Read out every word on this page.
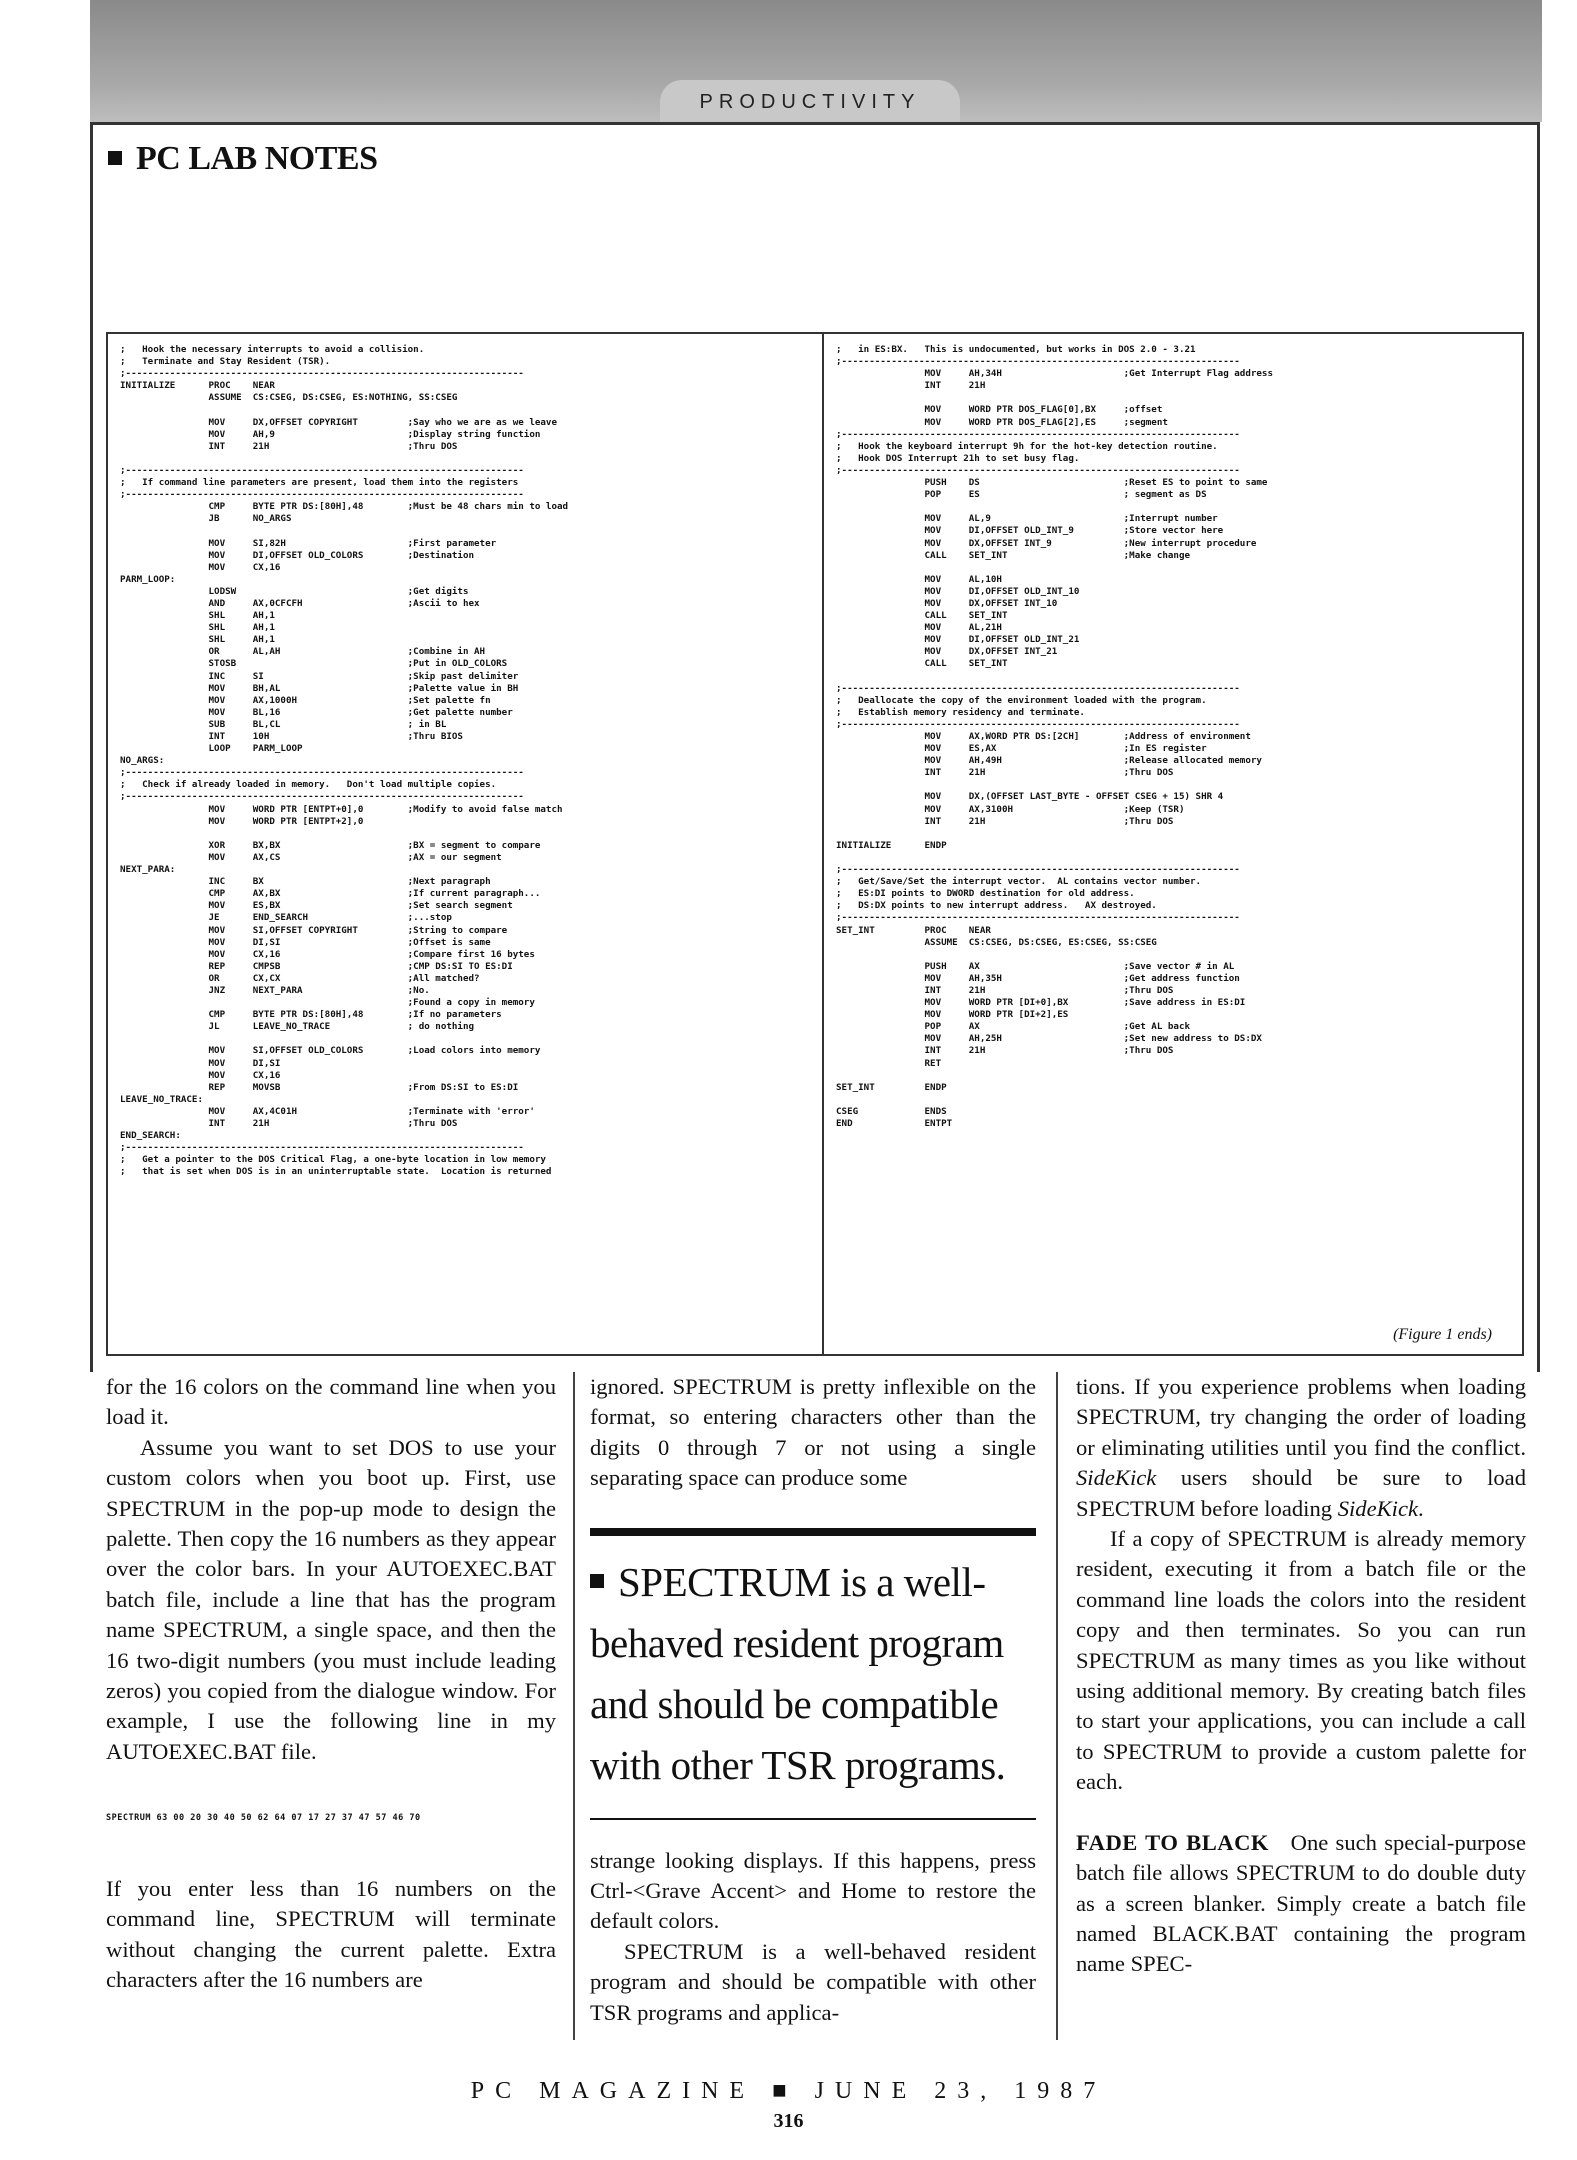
PRODUCTIVITY
PC LAB NOTES
;   Hook the necessary interrupts to avoid a collision.
;   Terminate and Stay Resident (TSR).
;------------------------------------------------------------------------
INITIALIZE      PROC    NEAR
ASSUME  CS:CSEG, DS:CSEG, ES:NOTHING, SS:CSEG

MOV     DX,OFFSET COPYRIGHT         ;Say who we are as we leave
MOV     AH,9                        ;Display string function
INT     21H                         ;Thru DOS

;------------------------------------------------------------------------
;   If command line parameters are present, load them into the registers
;------------------------------------------------------------------------
CMP     BYTE PTR DS:[80H],48        ;Must be 48 chars min to load
JB      NO_ARGS

MOV     SI,82H                      ;First parameter
MOV     DI,OFFSET OLD_COLORS        ;Destination
MOV     CX,16
PARM_LOOP:
LODSW                               ;Get digits
AND     AX,0CFCFH                   ;Ascii to hex
SHL     AH,1
SHL     AH,1
SHL     AH,1
OR      AL,AH                       ;Combine in AH
STOSB                               ;Put in OLD_COLORS
INC     SI                          ;Skip past delimiter
MOV     BH,AL                       ;Palette value in BH
MOV     AX,1000H                    ;Set palette fn
MOV     BL,16                       ;Get palette number
SUB     BL,CL                       ; in BL
INT     10H                         ;Thru BIOS
LOOP    PARM_LOOP
NO_ARGS:
;------------------------------------------------------------------------
;   Check if already loaded in memory.   Don't load multiple copies.
;------------------------------------------------------------------------
MOV     WORD PTR [ENTPT+0],0        ;Modify to avoid false match
MOV     WORD PTR [ENTPT+2],0

XOR     BX,BX                       ;BX = segment to compare
MOV     AX,CS                       ;AX = our segment
NEXT_PARA:
INC     BX                          ;Next paragraph
CMP     AX,BX                       ;If current paragraph...
MOV     ES,BX                       ;Set search segment
JE      END_SEARCH                  ;...stop
MOV     SI,OFFSET COPYRIGHT         ;String to compare
MOV     DI,SI                       ;Offset is same
MOV     CX,16                       ;Compare first 16 bytes
REP     CMPSB                       ;CMP DS:SI TO ES:DI
OR      CX,CX                       ;All matched?
JNZ     NEXT_PARA                   ;No.
;Found a copy in memory
CMP     BYTE PTR DS:[80H],48        ;If no parameters
JL      LEAVE_NO_TRACE              ; do nothing

MOV     SI,OFFSET OLD_COLORS        ;Load colors into memory
MOV     DI,SI
MOV     CX,16
REP     MOVSB                       ;From DS:SI to ES:DI
LEAVE_NO_TRACE:
MOV     AX,4C01H                    ;Terminate with 'error'
INT     21H                         ;Thru DOS
END_SEARCH:
;------------------------------------------------------------------------
;   Get a pointer to the DOS Critical Flag, a one-byte location in low memory
;   that is set when DOS is in an uninterruptable state.  Location is returned
;   in ES:BX.   This is undocumented, but works in DOS 2.0 - 3.21
;------------------------------------------------------------------------
MOV     AH,34H                      ;Get Interrupt Flag address
INT     21H

MOV     WORD PTR DOS_FLAG[0],BX     ;offset
MOV     WORD PTR DOS_FLAG[2],ES     ;segment
;------------------------------------------------------------------------
;   Hook the keyboard interrupt 9h for the hot-key detection routine.
;   Hook DOS Interrupt 21h to set busy flag.
;------------------------------------------------------------------------
PUSH    DS                          ;Reset ES to point to same
POP     ES                          ; segment as DS

MOV     AL,9                        ;Interrupt number
MOV     DI,OFFSET OLD_INT_9         ;Store vector here
MOV     DX,OFFSET INT_9             ;New interrupt procedure
CALL    SET_INT                     ;Make change

MOV     AL,10H
MOV     DI,OFFSET OLD_INT_10
MOV     DX,OFFSET INT_10
CALL    SET_INT
MOV     AL,21H
MOV     DI,OFFSET OLD_INT_21
MOV     DX,OFFSET INT_21
CALL    SET_INT

;------------------------------------------------------------------------
;   Deallocate the copy of the environment loaded with the program.
;   Establish memory residency and terminate.
;------------------------------------------------------------------------
MOV     AX,WORD PTR DS:[2CH]        ;Address of environment
MOV     ES,AX                       ;In ES register
MOV     AH,49H                      ;Release allocated memory
INT     21H                         ;Thru DOS

MOV     DX,(OFFSET LAST_BYTE - OFFSET CSEG + 15) SHR 4
MOV     AX,3100H                    ;Keep (TSR)
INT     21H                         ;Thru DOS

INITIALIZE      ENDP

;------------------------------------------------------------------------
;   Get/Save/Set the interrupt vector.  AL contains vector number.
;   ES:DI points to DWORD destination for old address.
;   DS:DX points to new interrupt address.   AX destroyed.
;------------------------------------------------------------------------
SET_INT         PROC    NEAR
ASSUME  CS:CSEG, DS:CSEG, ES:CSEG, SS:CSEG

PUSH    AX                          ;Save vector # in AL
MOV     AH,35H                      ;Get address function
INT     21H                         ;Thru DOS
MOV     WORD PTR [DI+0],BX          ;Save address in ES:DI
MOV     WORD PTR [DI+2],ES
POP     AX                          ;Get AL back
MOV     AH,25H                      ;Set new address to DS:DX
INT     21H                         ;Thru DOS
RET

SET_INT         ENDP

CSEG            ENDS
END             ENTPT
(Figure 1 ends)

for the 16 colors on the command line when you load it.

Assume you want to set DOS to use your custom colors when you boot up. First, use SPECTRUM in the pop-up mode to design the palette. Then copy the 16 numbers as they appear over the color bars. In your AUTOEXEC.BAT batch file, include a line that has the program name SPECTRUM, a single space, and then the 16 two-digit numbers (you must include leading zeros) you copied from the dialogue window. For example, I use the following line in my AUTOEXEC.BAT file.

SPECTRUM 63 00 20 30 40 50 62 64 07 17 27 37 47 57 46 70

If you enter less than 16 numbers on the command line, SPECTRUM will terminate without changing the current palette. Extra characters after the 16 numbers are

ignored. SPECTRUM is pretty inflexible on the format, so entering characters other than the digits 0 through 7 or not using a single separating space can produce some

SPECTRUM is a well-behaved resident program and should be compatible with other TSR programs.

strange looking displays. If this happens, press Ctrl-<Grave Accent> and Home to restore the default colors.

SPECTRUM is a well-behaved resident program and should be compatible with other TSR programs and applica-

tions. If you experience problems when loading SPECTRUM, try changing the order of loading or eliminating utilities until you find the conflict. SideKick users should be sure to load SPECTRUM before loading SideKick.

If a copy of SPECTRUM is already memory resident, executing it from a batch file or the command line loads the colors into the resident copy and then terminates. So you can run SPECTRUM as many times as you like without using additional memory. By creating batch files to start your applications, you can include a call to SPECTRUM to provide a custom palette for each.

FADE TO BLACK One such special-purpose batch file allows SPECTRUM to do double duty as a screen blanker. Simply create a batch file named BLACK.BAT containing the program name SPEC-

PC MAGAZINE ■ JUNE 23, 1987
316
